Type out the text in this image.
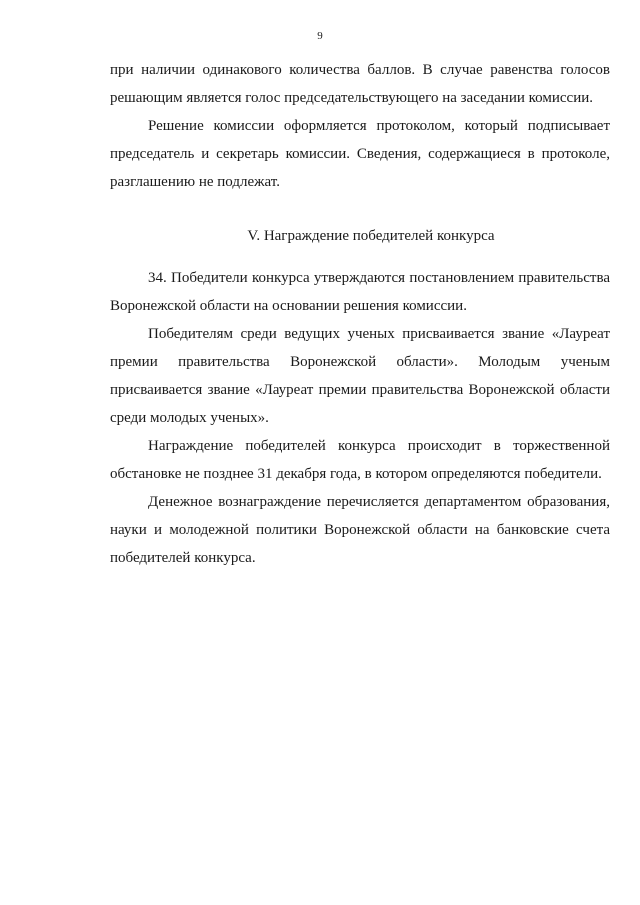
9

при наличии одинакового количества баллов. В случае равенства голосов решающим является голос председательствующего на заседании комиссии.

Решение комиссии оформляется протоколом, который подписывает председатель и секретарь комиссии. Сведения, содержащиеся в протоколе, разглашению не подлежат.

V. Награждение победителей конкурса

34. Победители конкурса утверждаются постановлением правительства Воронежской области на основании решения комиссии.

Победителям среди ведущих ученых присваивается звание «Лауреат премии правительства Воронежской области». Молодым ученым присваивается звание «Лауреат премии правительства Воронежской области среди молодых ученых».

Награждение победителей конкурса происходит в торжественной обстановке не позднее 31 декабря года, в котором определяются победители.

Денежное вознаграждение перечисляется департаментом образования, науки и молодежной политики Воронежской области на банковские счета победителей конкурса.
